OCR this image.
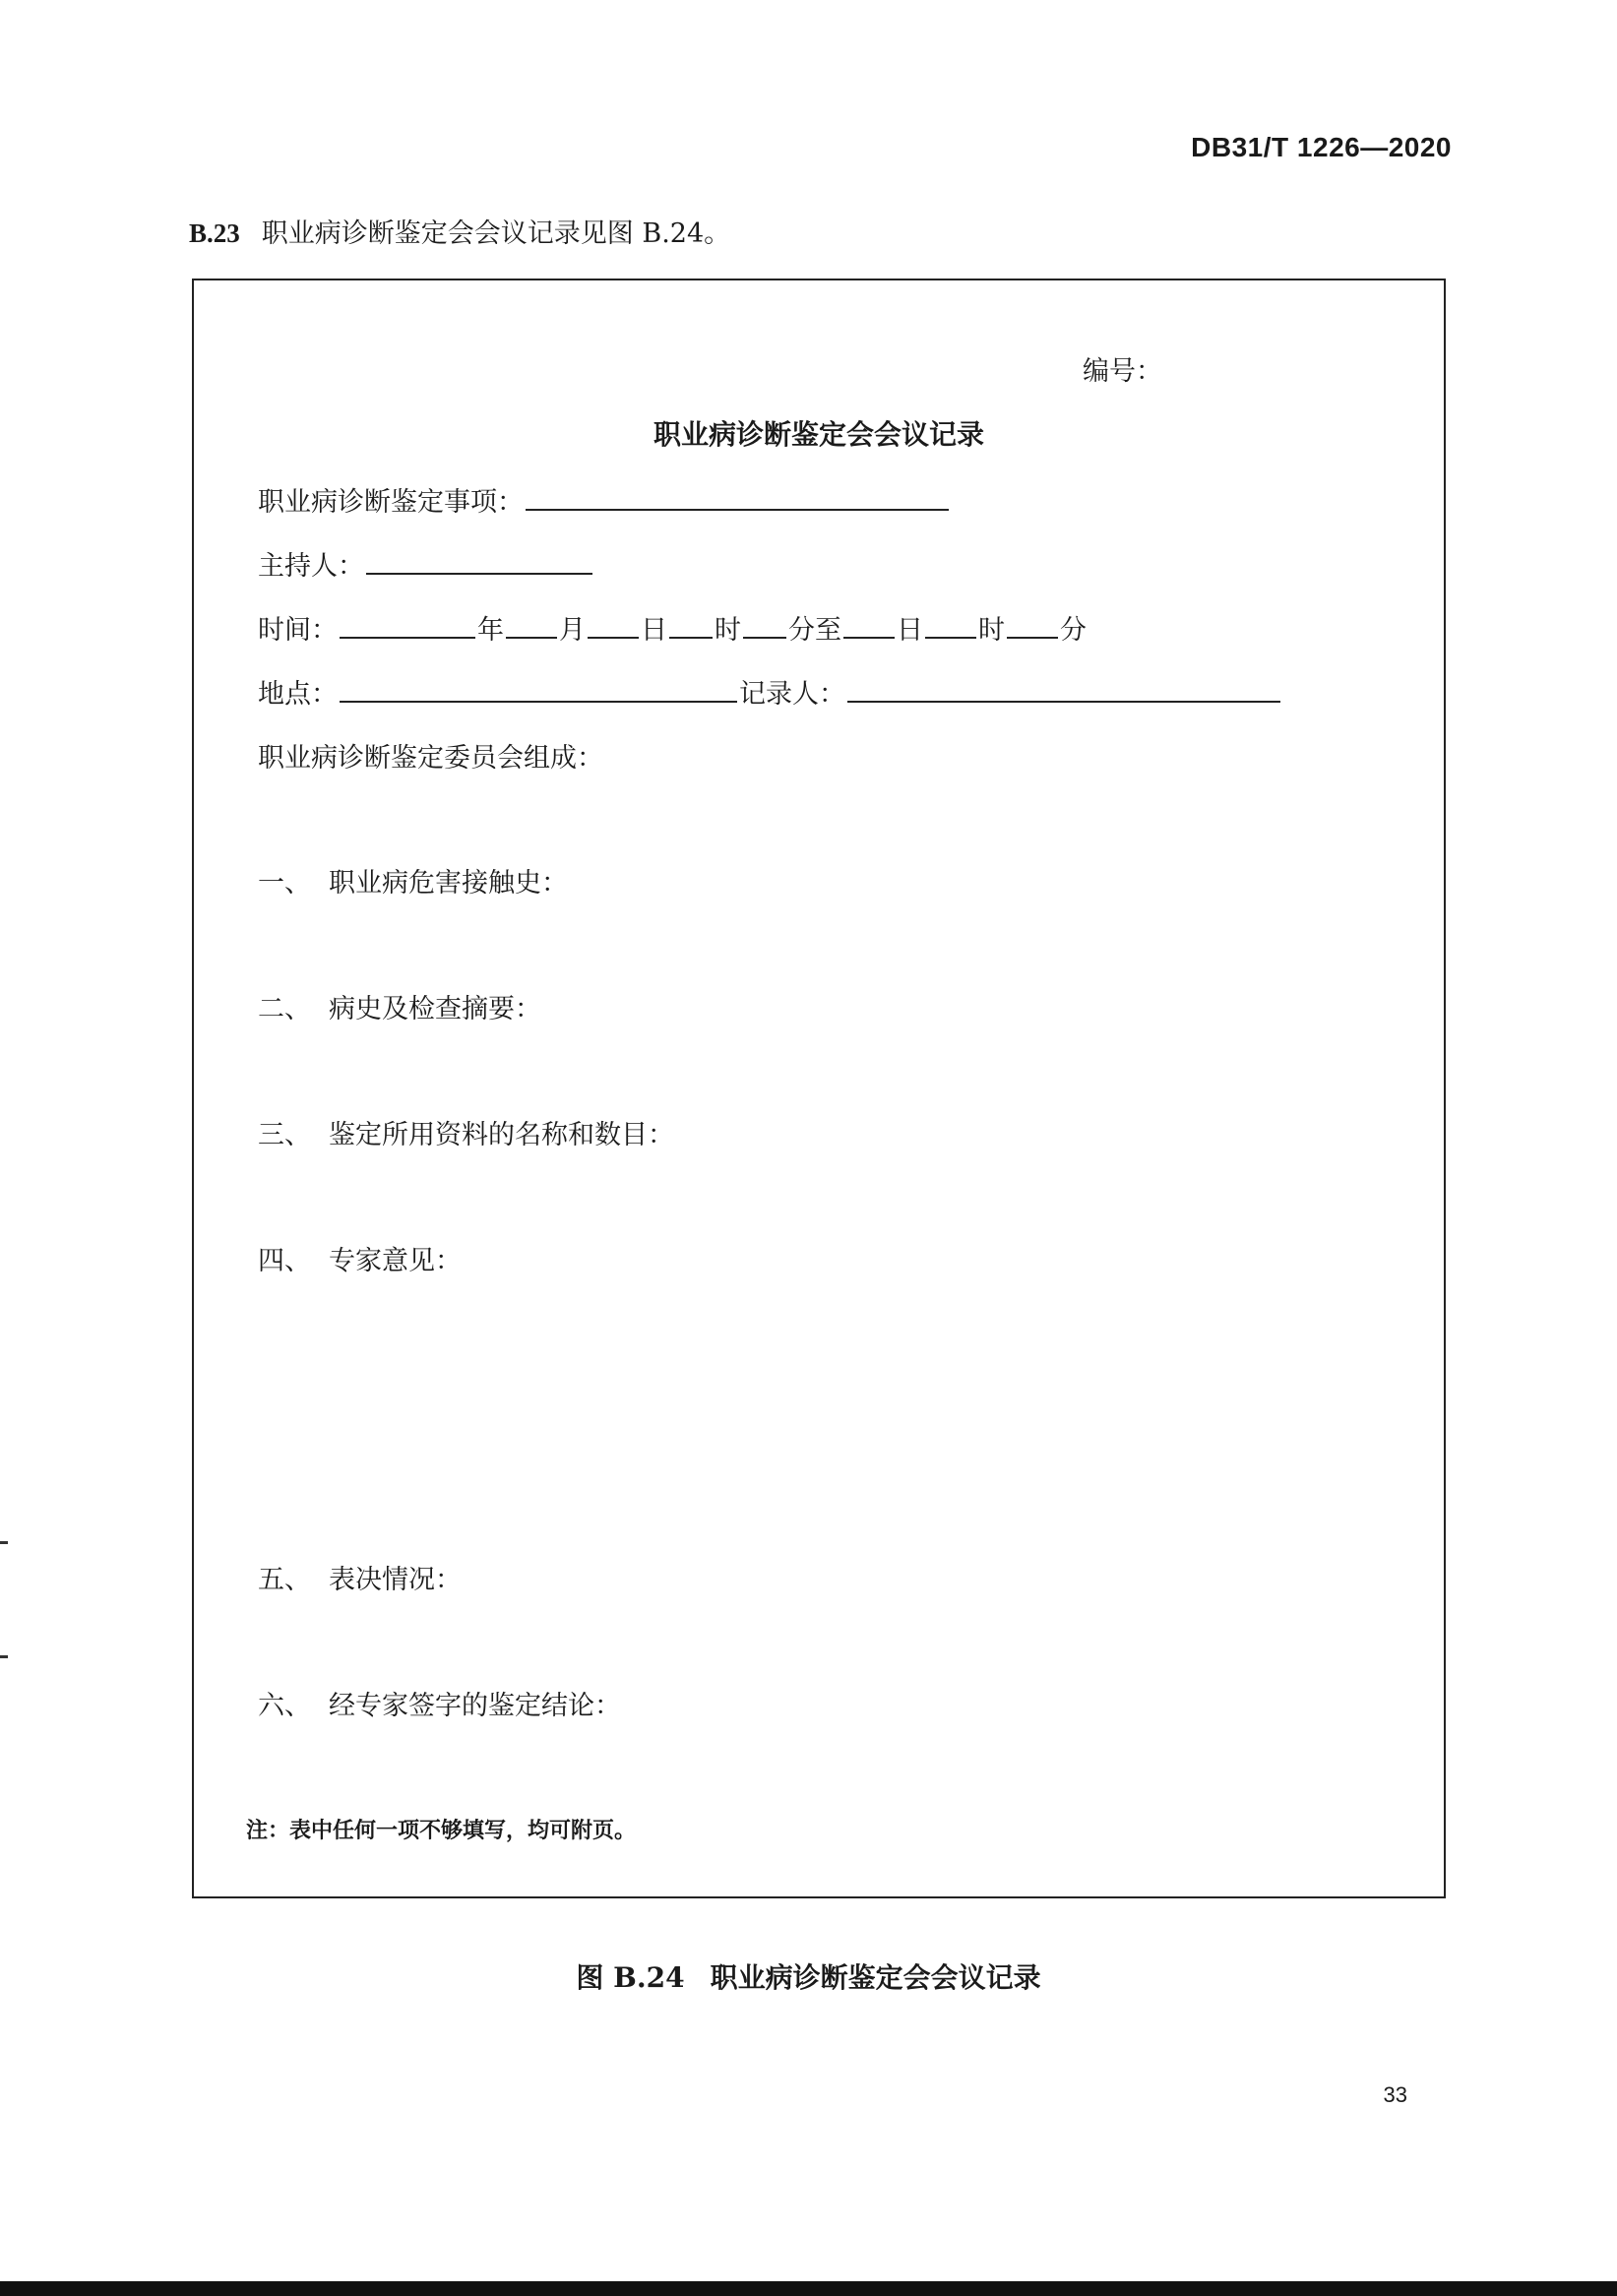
DB31/T 1226—2020
B.23 职业病诊断鉴定会会议记录见图 B.24。
编号：
职业病诊断鉴定会会议记录
职业病诊断鉴定事项：
主持人：
时间：	年 月 日 时 分至 日 时 分
地点：	记录人：
职业病诊断鉴定委员会组成：
一、 职业病危害接触史：
二、 病史及检查摘要：
三、 鉴定所用资料的名称和数目：
四、 专家意见：
五、 表决情况：
六、 经专家签字的鉴定结论：
注：表中任何一项不够填写，均可附页。
图 B.24 职业病诊断鉴定会会议记录
33
